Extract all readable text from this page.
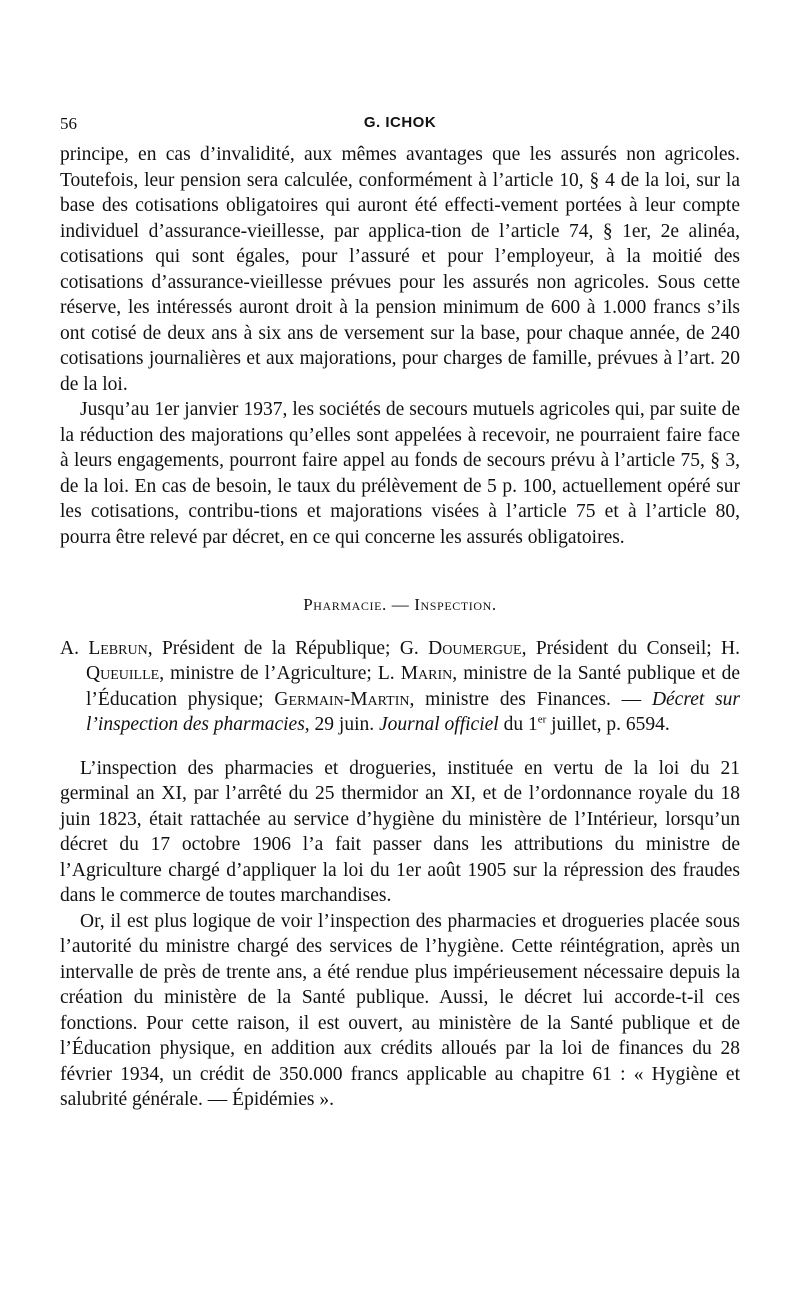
56	G. ICHOK

principe, en cas d’invalidité, aux mêmes avantages que les assurés non agricoles. Toutefois, leur pension sera calculée, conformément à l’article 10, § 4 de la loi, sur la base des cotisations obligatoires qui auront été effecti-vement portées à leur compte individuel d’assurance-vieillesse, par applica-tion de l’article 74, § 1er, 2e alinéa, cotisations qui sont égales, pour l’assuré et pour l’employeur, à la moitié des cotisations d’assurance-vieillesse prévues pour les assurés non agricoles. Sous cette réserve, les intéressés auront droit à la pension minimum de 600 à 1.000 francs s’ils ont cotisé de deux ans à six ans de versement sur la base, pour chaque année, de 240 cotisations journalières et aux majorations, pour charges de famille, prévues à l’art. 20 de la loi.

Jusqu’au 1er janvier 1937, les sociétés de secours mutuels agricoles qui, par suite de la réduction des majorations qu’elles sont appelées à recevoir, ne pourraient faire face à leurs engagements, pourront faire appel au fonds de secours prévu à l’article 75, § 3, de la loi. En cas de besoin, le taux du prélèvement de 5 p. 100, actuellement opéré sur les cotisations, contribu-tions et majorations visées à l’article 75 et à l’article 80, pourra être relevé par décret, en ce qui concerne les assurés obligatoires.

Pharmacie. — Inspection.

A. Lebrun, Président de la République; G. Doumergue, Président du Conseil; H. Queuille, ministre de l’Agriculture; L. Marin, ministre de la Santé publique et de l’Éducation physique; Germain-Martin, ministre des Finances. — Décret sur l’inspection des pharmacies, 29 juin. Journal officiel du 1er juillet, p. 6594.

L’inspection des pharmacies et drogueries, instituée en vertu de la loi du 21 germinal an XI, par l’arrêté du 25 thermidor an XI, et de l’ordonnance royale du 18 juin 1823, était rattachée au service d’hygiène du ministère de l’Intérieur, lorsqu’un décret du 17 octobre 1906 l’a fait passer dans les attributions du ministre de l’Agriculture chargé d’appliquer la loi du 1er août 1905 sur la répression des fraudes dans le commerce de toutes marchandises.

Or, il est plus logique de voir l’inspection des pharmacies et drogueries placée sous l’autorité du ministre chargé des services de l’hygiène. Cette réintégration, après un intervalle de près de trente ans, a été rendue plus impérieusement nécessaire depuis la création du ministère de la Santé publique. Aussi, le décret lui accorde-t-il ces fonctions. Pour cette raison, il est ouvert, au ministère de la Santé publique et de l’Éducation physique, en addition aux crédits alloués par la loi de finances du 28 février 1934, un crédit de 350.000 francs applicable au chapitre 61 : « Hygiène et salubrité générale. — Épidémies ».
